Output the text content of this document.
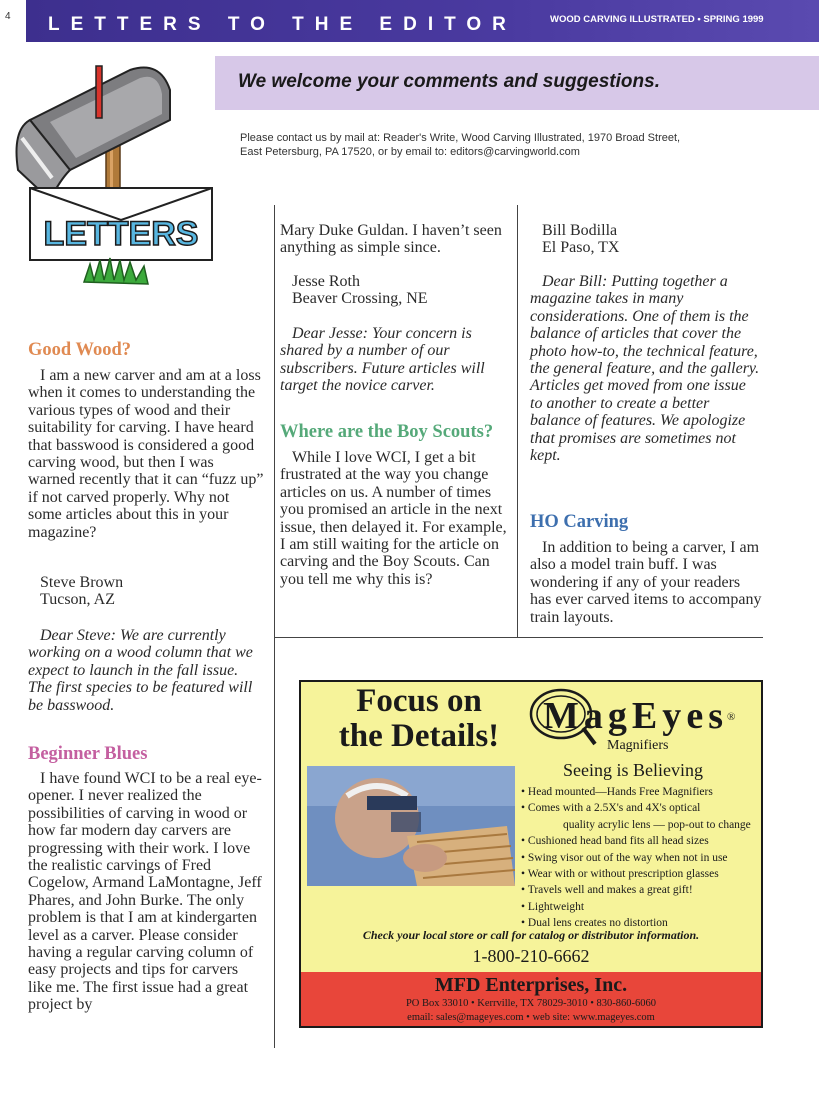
4 LETTERS TO THE EDITOR	WOOD CARVING ILLUSTRATED • SPRING 1999
We welcome your comments and suggestions.
Please contact us by mail at: Reader's Write, Wood Carving Illustrated, 1970 Broad Street, East Petersburg, PA 17520, or by email to: editors@carvingworld.com
LETTERS
Good Wood?
I am a new carver and am at a loss when it comes to understanding the various types of wood and their suitability for carving. I have heard that basswood is considered a good carving wood, but then I was warned recently that it can “fuzz up” if not carved properly. Why not some articles about this in your magazine?
Steve Brown
Tucson, AZ
Dear Steve: We are currently working on a wood column that we expect to launch in the fall issue. The first species to be featured will be basswood.
Beginner Blues
I have found WCI to be a real eye-opener. I never realized the possibilities of carving in wood or how far modern day carvers are progressing with their work. I love the realistic carvings of Fred Cogelow, Armand LaMontagne, Jeff Phares, and John Burke. The only problem is that I am at kindergarten level as a carver. Please consider having a regular carving column of easy projects and tips for carvers like me. The first issue had a great project by
Mary Duke Guldan. I haven’t seen anything as simple since.
Jesse Roth
Beaver Crossing, NE
Dear Jesse: Your concern is shared by a number of our subscribers. Future articles will target the novice carver.
Where are the Boy Scouts?
While I love WCI, I get a bit frustrated at the way you change articles on us. A number of times you promised an article in the next issue, then delayed it. For example, I am still waiting for the article on carving and the Boy Scouts. Can you tell me why this is?
Bill Bodilla
El Paso, TX
Dear Bill: Putting together a magazine takes in many considerations. One of them is the balance of articles that cover the photo how-to, the technical feature, the general feature, and the gallery. Articles get moved from one issue to another to create a better balance of features. We apologize that promises are sometimes not kept.
HO Carving
In addition to being a carver, I am also a model train buff. I was wondering if any of your readers has ever carved items to accompany train layouts.
Focus on
the Details!	MagEyes ®
Magnifiers
Seeing is Believing
• Head mounted—Hands Free Magnifiers
• Comes with a 2.5X's and 4X's optical
quality acrylic lens — pop-out to change
• Cushioned head band fits all head sizes
• Swing visor out of the way when not in use
• Wear with or without prescription glasses
• Travels well and makes a great gift!
• Lightweight
• Dual lens creates no distortion
Check your local store or call for catalog or distributor information.
1-800-210-6662
MFD Enterprises, Inc.
PO Box 33010 • Kerrville, TX 78029-3010 • 830-860-6060
email: sales@mageyes.com • web site: www.mageyes.com
